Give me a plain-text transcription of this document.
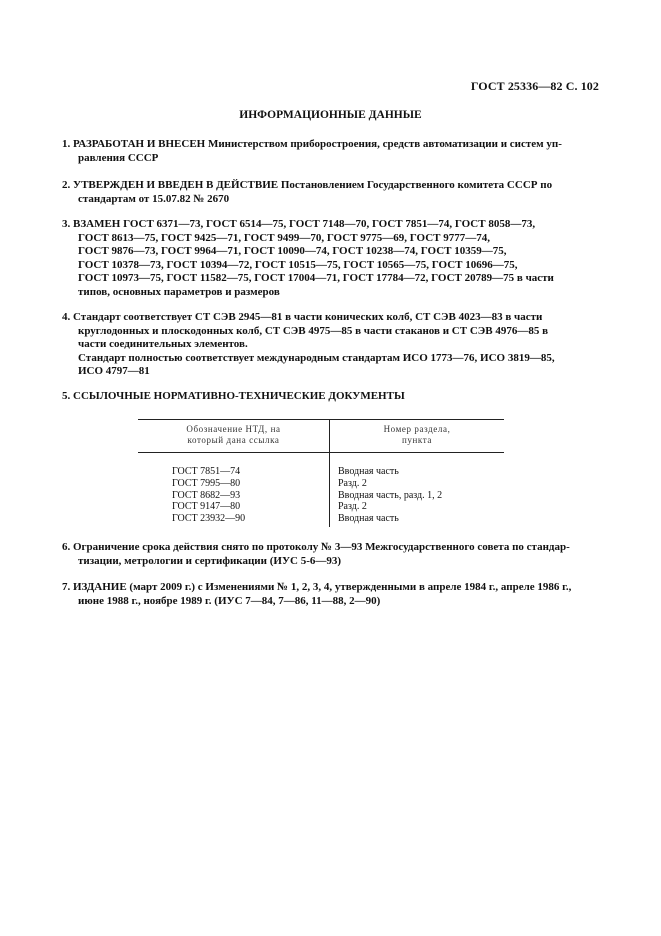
ГОСТ 25336—82 С. 102
ИНФОРМАЦИОННЫЕ ДАННЫЕ
1. РАЗРАБОТАН И ВНЕСЕН Министерством приборостроения, средств автоматизации и систем уп-
равления СССР
2. УТВЕРЖДЕН И ВВЕДЕН В ДЕЙСТВИЕ Постановлением Государственного комитета СССР по
стандартам от 15.07.82 № 2670
3. ВЗАМЕН ГОСТ 6371—73, ГОСТ 6514—75, ГОСТ 7148—70, ГОСТ 7851—74, ГОСТ 8058—73,
ГОСТ 8613—75, ГОСТ 9425—71, ГОСТ 9499—70, ГОСТ 9775—69, ГОСТ 9777—74,
ГОСТ 9876—73, ГОСТ 9964—71, ГОСТ 10090—74, ГОСТ 10238—74, ГОСТ 10359—75,
ГОСТ 10378—73, ГОСТ 10394—72, ГОСТ 10515—75, ГОСТ 10565—75, ГОСТ 10696—75,
ГОСТ 10973—75, ГОСТ 11582—75, ГОСТ 17004—71, ГОСТ 17784—72, ГОСТ 20789—75 в части
типов, основных параметров и размеров
4. Стандарт соответствует СТ СЭВ 2945—81 в части конических колб, СТ СЭВ 4023—83 в части
круглодонных и плоскодонных колб, СТ СЭВ 4975—85 в части стаканов и СТ СЭВ 4976—85 в
части соединительных элементов.
Стандарт полностью соответствует международным стандартам ИСО 1773—76, ИСО 3819—85,
ИСО 4797—81
5. ССЫЛОЧНЫЕ НОРМАТИВНО-ТЕХНИЧЕСКИЕ ДОКУМЕНТЫ
Обозначение НТД, на
который дана ссылка	Номер раздела,
пункта
ГОСТ 7851—74	Вводная часть
ГОСТ 7995—80	Разд. 2
ГОСТ 8682—93	Вводная часть, разд. 1, 2
ГОСТ 9147—80	Разд. 2
ГОСТ 23932—90	Вводная часть
6. Ограничение срока действия снято по протоколу № 3—93 Межгосударственного совета по стандар-
тизации, метрологии и сертификации (ИУС 5-6—93)
7. ИЗДАНИЕ (март 2009 г.) с Изменениями № 1, 2, 3, 4, утвержденными в апреле 1984 г., апреле 1986 г.,
июне 1988 г., ноябре 1989 г. (ИУС 7—84, 7—86, 11—88, 2—90)
